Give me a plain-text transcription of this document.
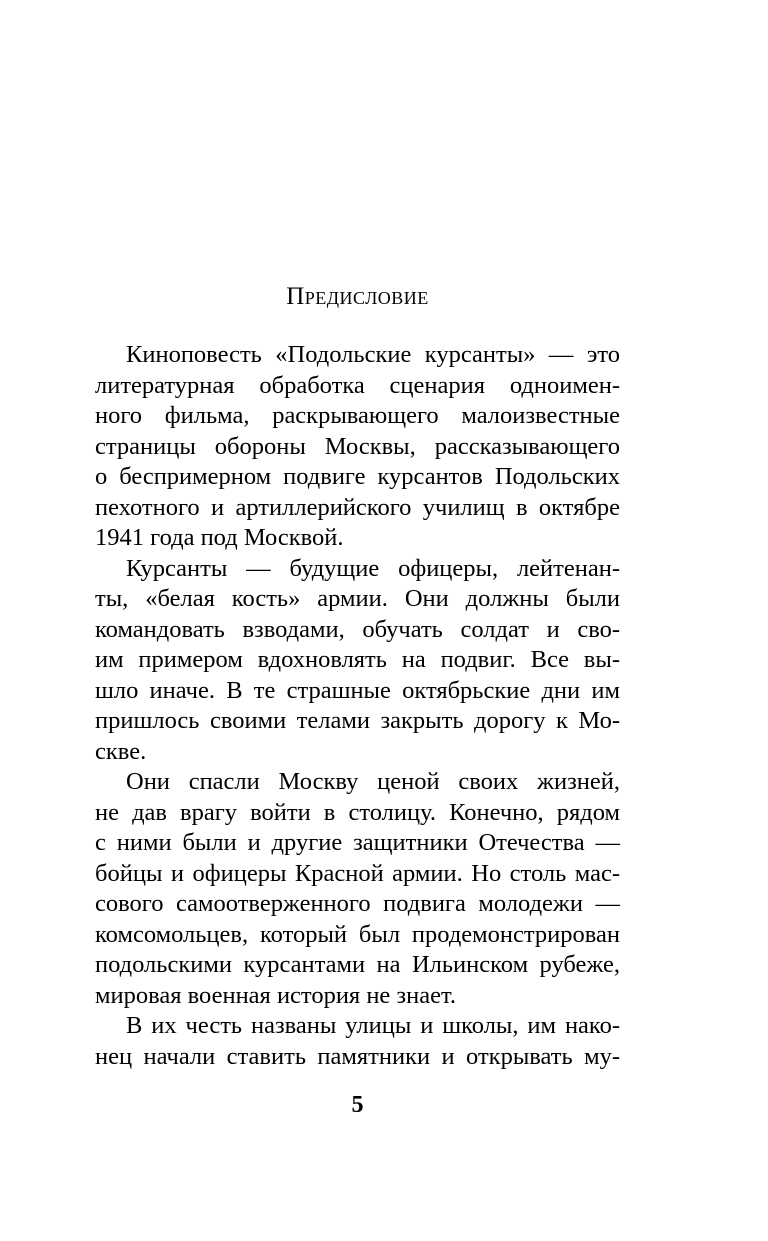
Предисловие
Киноповесть «Подольские курсанты» — это
литературная обработка сценария одноимен-
ного фильма, раскрывающего малоизвестные
страницы обороны Москвы, рассказывающего
о беспримерном подвиге курсантов Подольских
пехотного и артиллерийского училищ в октябре
1941 года под Москвой.
Курсанты — будущие офицеры, лейтенан-
ты, «белая кость» армии. Они должны были
командовать взводами, обучать солдат и сво-
им примером вдохновлять на подвиг. Все вы-
шло иначе. В те страшные октябрьские дни им
пришлось своими телами закрыть дорогу к Мо-
скве.
Они спасли Москву ценой своих жизней,
не дав врагу войти в столицу. Конечно, рядом
с ними были и другие защитники Отечества —
бойцы и офицеры Красной армии. Но столь мас-
сового самоотверженного подвига молодежи —
комсомольцев, который был продемонстрирован
подольскими курсантами на Ильинском рубеже,
мировая военная история не знает.
В их честь названы улицы и школы, им нако-
нец начали ставить памятники и открывать му-
5
